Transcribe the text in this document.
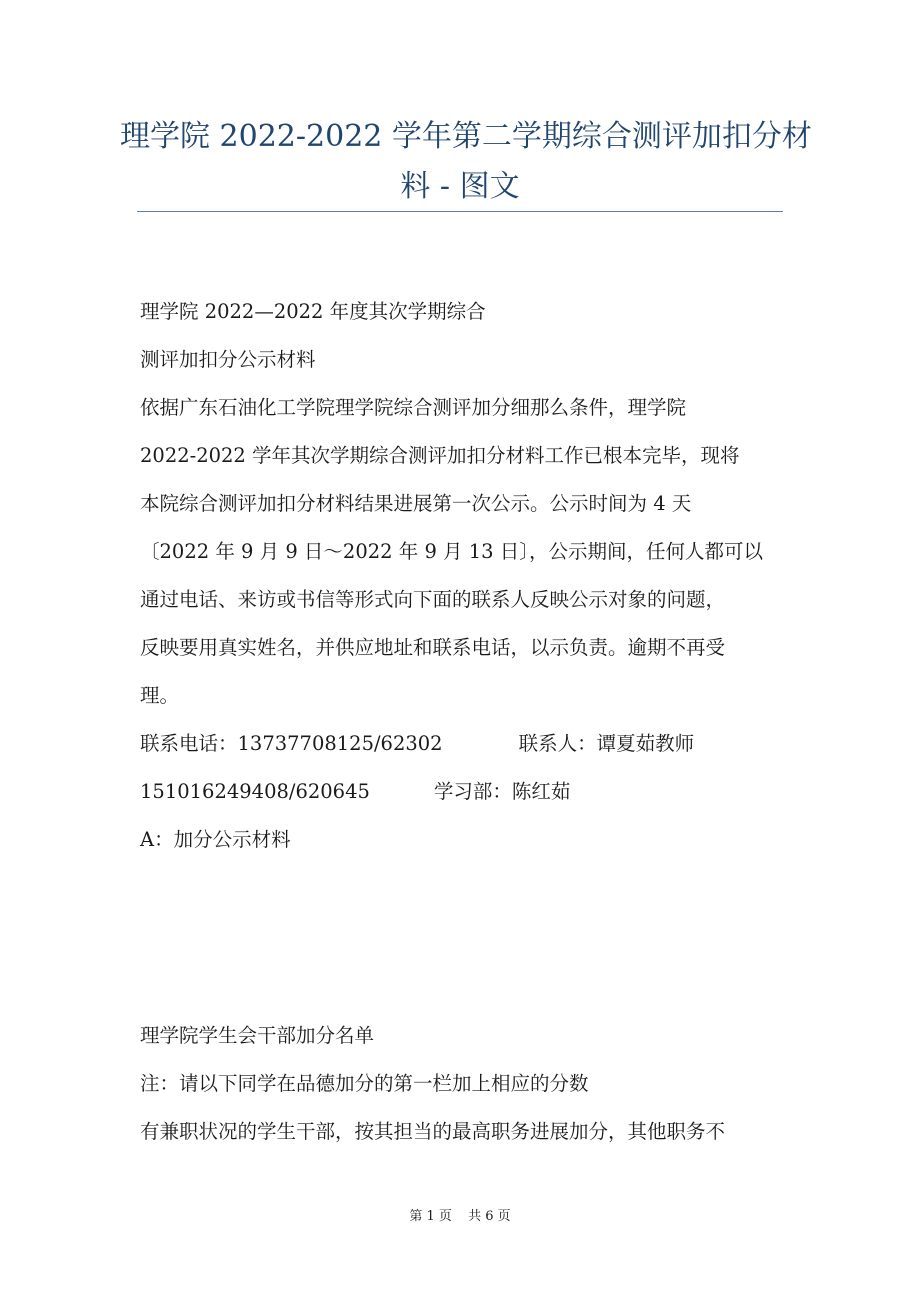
理学院 2022-2022 学年第二学期综合测评加扣分材
料 - 图文
理学院 2022—2022 年度其次学期综合
测评加扣分公示材料
依据广东石油化工学院理学院综合测评加分细那么条件，理学院
2022-2022 学年其次学期综合测评加扣分材料工作已根本完毕，现将
本院综合测评加扣分材料结果进展第一次公示。公示时间为 4 天
〔2022 年 9 月 9 日～2022 年 9 月 13 日〕，公示期间，任何人都可以
通过电话、来访或书信等形式向下面的联系人反映公示对象的问题，
反映要用真实姓名，并供应地址和联系电话，以示负责。逾期不再受
理。
联系电话：13737708125/62302	联系人：谭夏茹教师
151016249408/620645	学习部：陈红茹
A：加分公示材料
理学院学生会干部加分名单
注：请以下同学在品德加分的第一栏加上相应的分数
有兼职状况的学生干部，按其担当的最高职务进展加分，其他职务不
第 1 页 共 6 页
